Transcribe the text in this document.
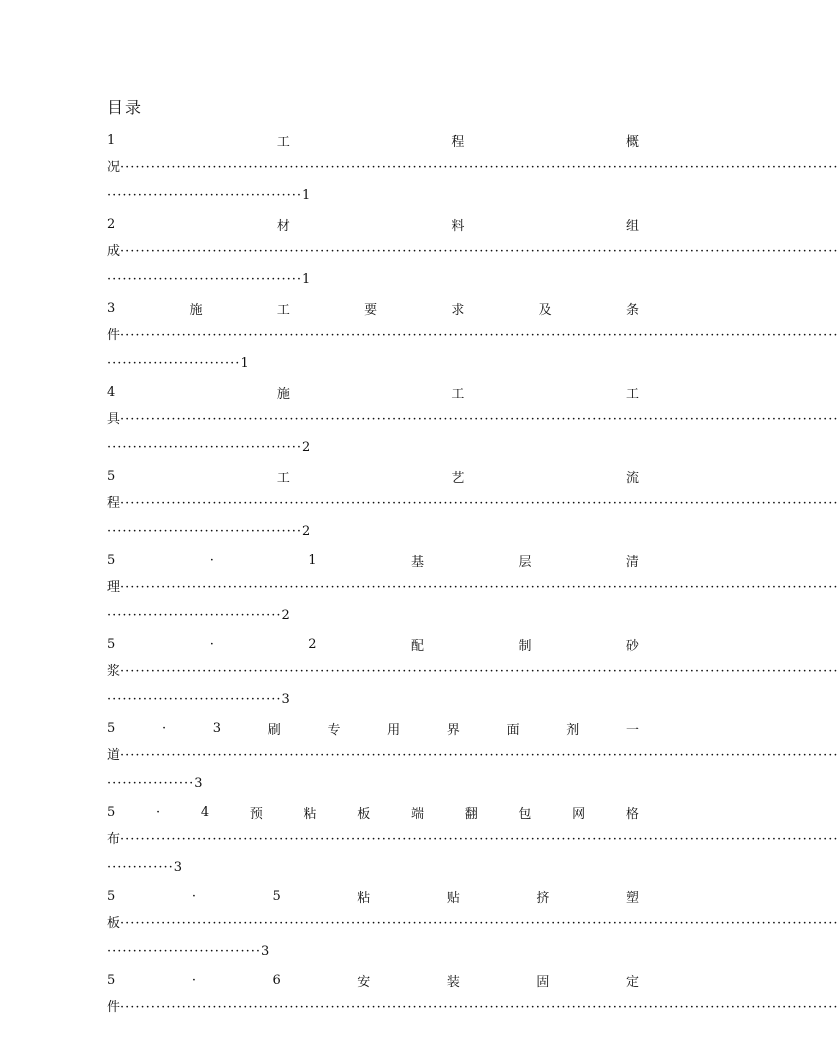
目录
1	工	程	概
况············································································································································
······································1
2	材	料	组
成············································································································································
······································1
3	施	工	要	求	及	条
件············································································································································
··························1
4	施	工	工
具············································································································································
······································2
5	工	艺	流
程············································································································································
······································2
5	·	1	基	层	清
理············································································································································
··································2
5	·	2	配	制	砂
浆············································································································································
··································3
5	·	3	刷	专	用	界	面	剂	一
道············································································································································
·················3
5	·	4	预	粘	板	端	翻	包	网	格
布············································································································································
·············3
5	·	5	粘	贴	挤	塑
板············································································································································
······························3
5	·	6	安	装	固	定
件············································································································································
